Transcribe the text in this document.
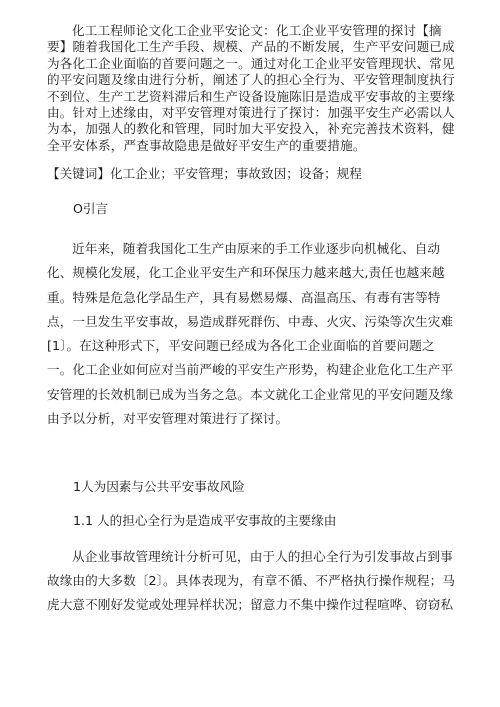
化工工程师论文化工企业平安论文：化工企业平安管理的探讨【摘要】随着我国化工生产手段、规模、产品的不断发展，生产平安问题已成为各化工企业面临的首要问题之一。通过对化工企业平安管理现状、常见的平安问题及缘由进行分析，阐述了人的担心全行为、平安管理制度执行不到位、生产工艺资料滞后和生产设备设施陈旧是造成平安事故的主要缘由。针对上述缘由，对平安管理对策进行了探讨：加强平安生产必需以人为本，加强人的教化和管理，同时加大平安投入，补充完善技术资料，健全平安体系，严查事故隐患是做好平安生产的重要措施。

【关键词】化工企业；平安管理；事故致因；设备；规程

O引言

近年来，随着我国化工生产由原来的手工作业逐步向机械化、自动化、规模化发展，化工企业平安生产和环保压力越来越大,责任也越来越重。特殊是危急化学品生产，具有易燃易爆、高温高压、有毒有害等特点，一旦发生平安事故，易造成群死群伤、中毒、火灾、污染等次生灾难[1〕。在这种形式下，平安问题已经成为各化工企业面临的首要问题之一。化工企业如何应对当前严峻的平安生产形势，构建企业危化工生产平安管理的长效机制已成为当务之急。本文就化工企业常见的平安问题及缘由予以分析，对平安管理对策进行了探讨。

1人为因素与公共平安事故风险

1.1 人的担心全行为是造成平安事故的主要缘由

从企业事故管理统计分析可见，由于人的担心全行为引发事故占到事故缘由的大多数〔2〕。具体表现为，有章不循、不严格执行操作规程；马虎大意不刚好发觉或处理异样状况；留意力不集中操作过程喧哗、窃窃私
